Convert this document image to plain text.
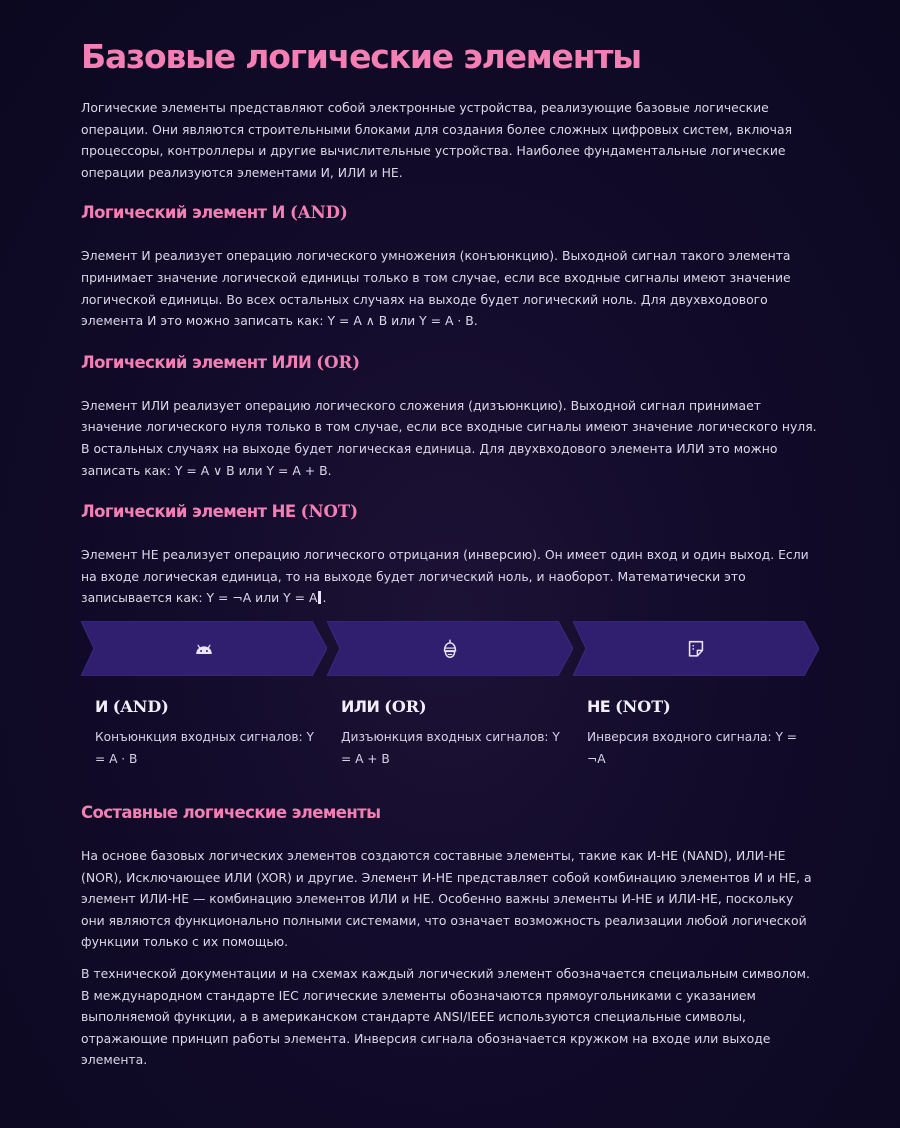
Базовые логические элементы

Логические элементы представляют собой электронные устройства, реализующие базовые логические операции. Они являются строительными блоками для создания более сложных цифровых систем, включая процессоры, контроллеры и другие вычислительные устройства. Наиболее фундаментальные логические операции реализуются элементами И, ИЛИ и НЕ.

Логический элемент И (AND)

Элемент И реализует операцию логического умножения (конъюнкцию). Выходной сигнал такого элемента принимает значение логической единицы только в том случае, если все входные сигналы имеют значение логической единицы. Во всех остальных случаях на выходе будет логический ноль. Для двухвходового элемента И это можно записать как: Y = A ∧ B или Y = A · B.

Логический элемент ИЛИ (OR)

Элемент ИЛИ реализует операцию логического сложения (дизъюнкцию). Выходной сигнал принимает значение логического нуля только в том случае, если все входные сигналы имеют значение логического нуля. В остальных случаях на выходе будет логическая единица. Для двухвходового элемента ИЛИ это можно записать как: Y = A ∨ B или Y = A + B.

Логический элемент НЕ (NOT)

Элемент НЕ реализует операцию логического отрицания (инверсию). Он имеет один вход и один выход. Если на входе логическая единица, то на выходе будет логический ноль, и наоборот. Математически это записывается как: Y = ¬A или Y = A .

И (AND)
Конъюнкция входных сигналов: Y = A · B
ИЛИ (OR)
Дизъюнкция входных сигналов: Y = A + B
НЕ (NOT)
Инверсия входного сигнала: Y = ¬A
Составные логические элементы

На основе базовых логических элементов создаются составные элементы, такие как И-НЕ (NAND), ИЛИ-НЕ (NOR), Исключающее ИЛИ (XOR) и другие. Элемент И-НЕ представляет собой комбинацию элементов И и НЕ, а элемент ИЛИ-НЕ — комбинацию элементов ИЛИ и НЕ. Особенно важны элементы И-НЕ и ИЛИ-НЕ, поскольку они являются функционально полными системами, что означает возможность реализации любой логической функции только с их помощью.

В технической документации и на схемах каждый логический элемент обозначается специальным символом. В международном стандарте IEC логические элементы обозначаются прямоугольниками с указанием выполняемой функции, а в американском стандарте ANSI/IEEE используются специальные символы, отражающие принцип работы элемента. Инверсия сигнала обозначается кружком на входе или выходе элемента.
